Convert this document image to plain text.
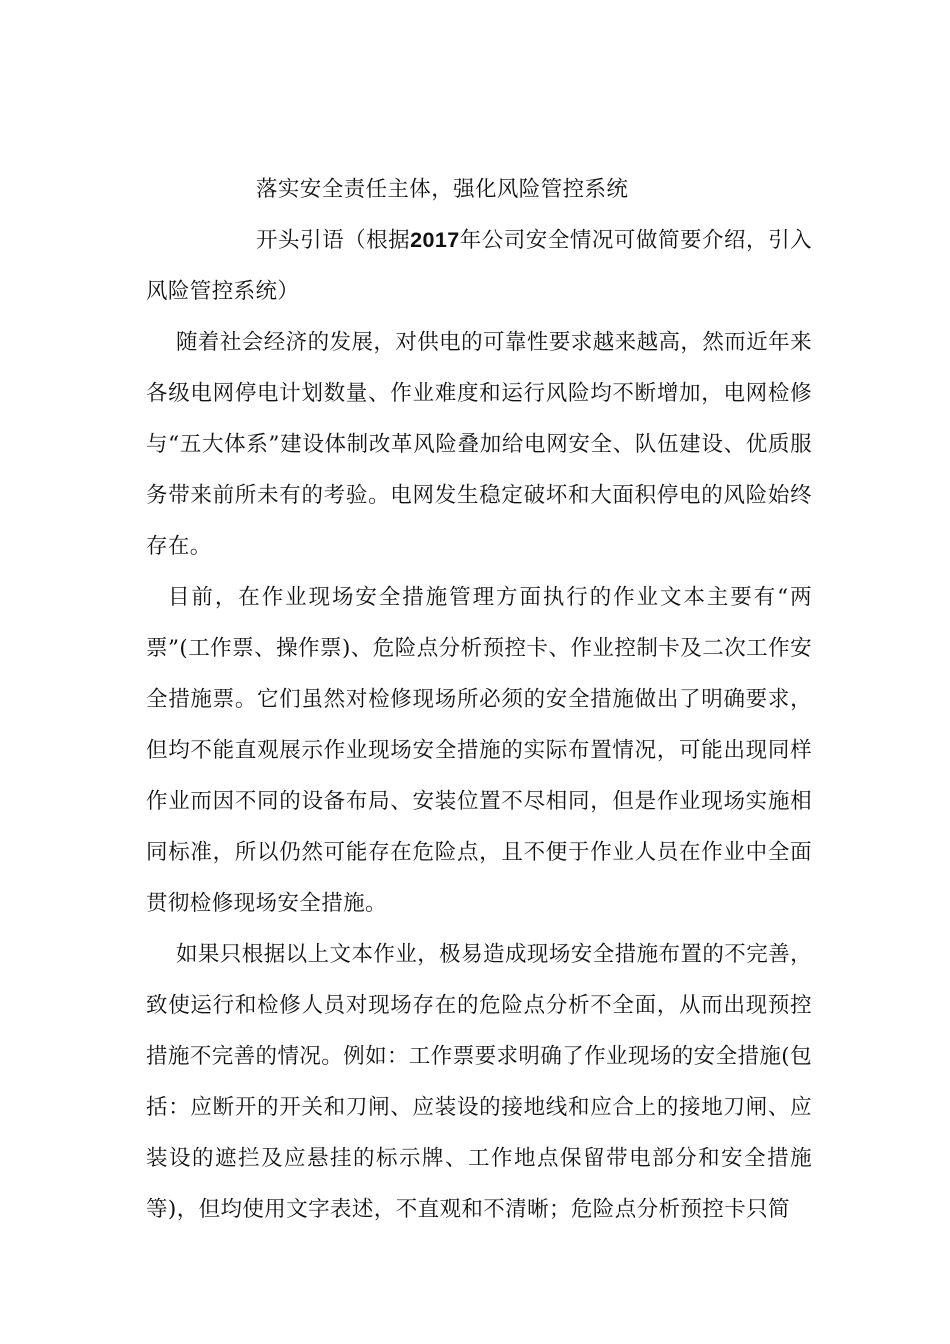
落实安全责任主体，强化风险管控系统

开头引语（根据2017年公司安全情况可做简要介绍，引入风险管控系统）

随着社会经济的发展，对供电的可靠性要求越来越高，然而近年来各级电网停电计划数量、作业难度和运行风险均不断增加，电网检修与“五大体系”建设体制改革风险叠加给电网安全、队伍建设、优质服务带来前所未有的考验。电网发生稳定破坏和大面积停电的风险始终存在。

目前，在作业现场安全措施管理方面执行的作业文本主要有“两票”(工作票、操作票)、危险点分析预控卡、作业控制卡及二次工作安全措施票。它们虽然对检修现场所必须的安全措施做出了明确要求，但均不能直观展示作业现场安全措施的实际布置情况，可能出现同样作业而因不同的设备布局、安装位置不尽相同，但是作业现场实施相同标准，所以仍然可能存在危险点，且不便于作业人员在作业中全面贯彻检修现场安全措施。

如果只根据以上文本作业，极易造成现场安全措施布置的不完善，致使运行和检修人员对现场存在的危险点分析不全面，从而出现预控措施不完善的情况。例如：工作票要求明确了作业现场的安全措施(包括：应断开的开关和刀闸、应装设的接地线和应合上的接地刀闸、应装设的遮拦及应悬挂的标示牌、工作地点保留带电部分和安全措施等)，但均使用文字表述，不直观和不清晰；危险点分析预控卡只简
